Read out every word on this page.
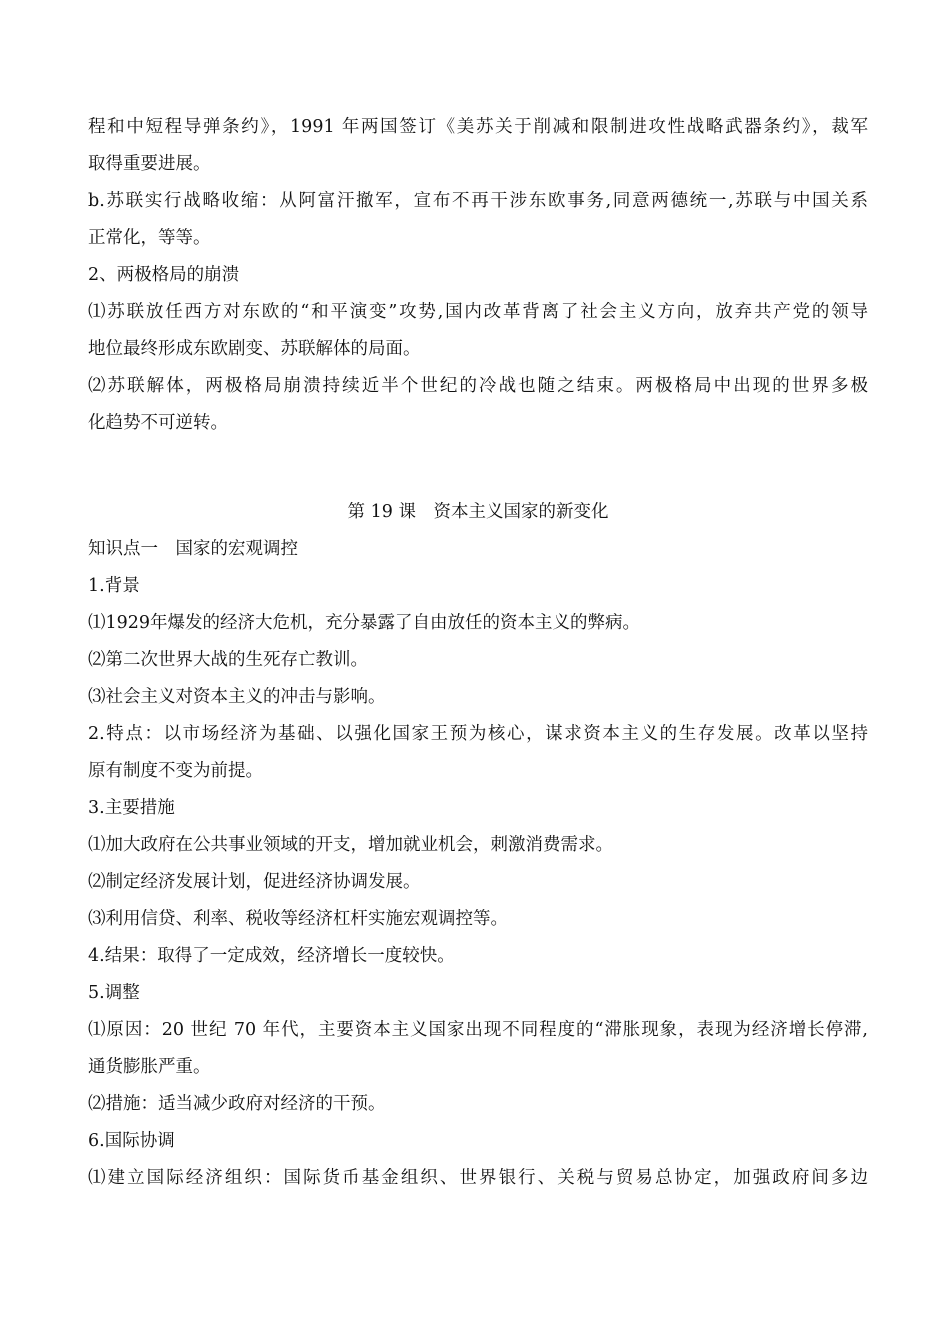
程和中短程导弹条约》，1991 年两国签订《美苏关于削减和限制进攻性战略武器条约》，裁军
取得重要进展。
b.苏联实行战略收缩：从阿富汗撤军，宣布不再干涉东欧事务,同意两德统一,苏联与中国关系
正常化，等等。
2、两极格局的崩溃
⑴苏联放任西方对东欧的“和平演变”攻势,国内改革背离了社会主义方向，放弃共产党的领导
地位最终形成东欧剧变、苏联解体的局面。
⑵苏联解体，两极格局崩溃持续近半个世纪的冷战也随之结束。两极格局中出现的世界多极
化趋势不可逆转。
第 19 课　资本主义国家的新变化
知识点一　国家的宏观调控
1.背景
⑴1929年爆发的经济大危机，充分暴露了自由放任的资本主义的弊病。
⑵第二次世界大战的生死存亡教训。
⑶社会主义对资本主义的冲击与影响。
2.特点：以市场经济为基础、以强化国家王预为核心，谋求资本主义的生存发展。改革以坚持
原有制度不变为前提。
3.主要措施
⑴加大政府在公共事业领域的开支，增加就业机会，刺激消费需求。
⑵制定经济发展计划，促进经济协调发展。
⑶利用信贷、利率、税收等经济杠杆实施宏观调控等。
4.结果：取得了一定成效，经济增长一度较快。
5.调整
⑴原因：20 世纪 70 年代，主要资本主义国家出现不同程度的“滞胀现象，表现为经济增长停滞,
通货膨胀严重。
⑵措施：适当减少政府对经济的干预。
6.国际协调
⑴建立国际经济组织：国际货币基金组织、世界银行、关税与贸易总协定，加强政府间多边
